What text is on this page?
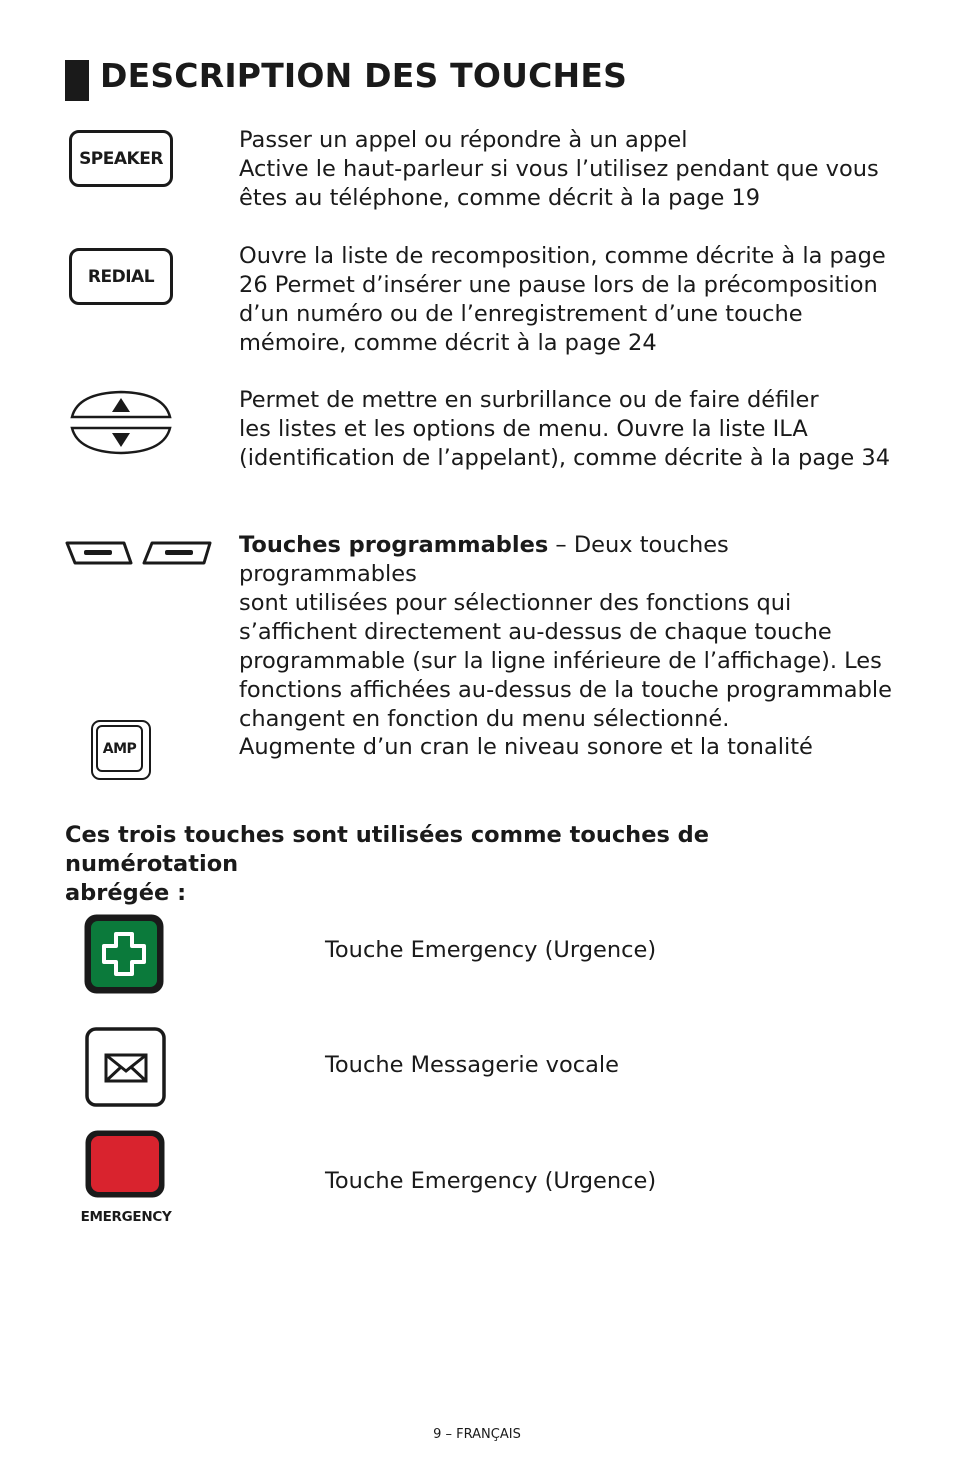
DESCRIPTION DES TOUCHES
SPEAKER
Passer un appel ou répondre à un appel
Active le haut-parleur si vous l’utilisez pendant que vous
êtes au téléphone, comme décrit à la page 19
REDIAL
Ouvre la liste de recomposition, comme décrite à la page
26 Permet d’insérer une pause lors de la précomposition
d’un numéro ou de l’enregistrement d’une touche
mémoire, comme décrit à la page 24
Permet de mettre en surbrillance ou de faire défiler
les listes et les options de menu. Ouvre la liste ILA
(identification de l’appelant), comme décrite à la page 34
Touches programmables – Deux touches programmables
sont utilisées pour sélectionner des fonctions qui
s’affichent directement au-dessus de chaque touche
programmable (sur la ligne inférieure de l’affichage). Les
fonctions affichées au-dessus de la touche programmable
changent en fonction du menu sélectionné.
AMP	Augmente d’un cran le niveau sonore et la tonalité
Ces trois touches sont utilisées comme touches de numérotation
abrégée :
Touche Emergency (Urgence)
Touche Messagerie vocale
EMERGENCY
Touche Emergency (Urgence)
9 – FRANÇAIS
